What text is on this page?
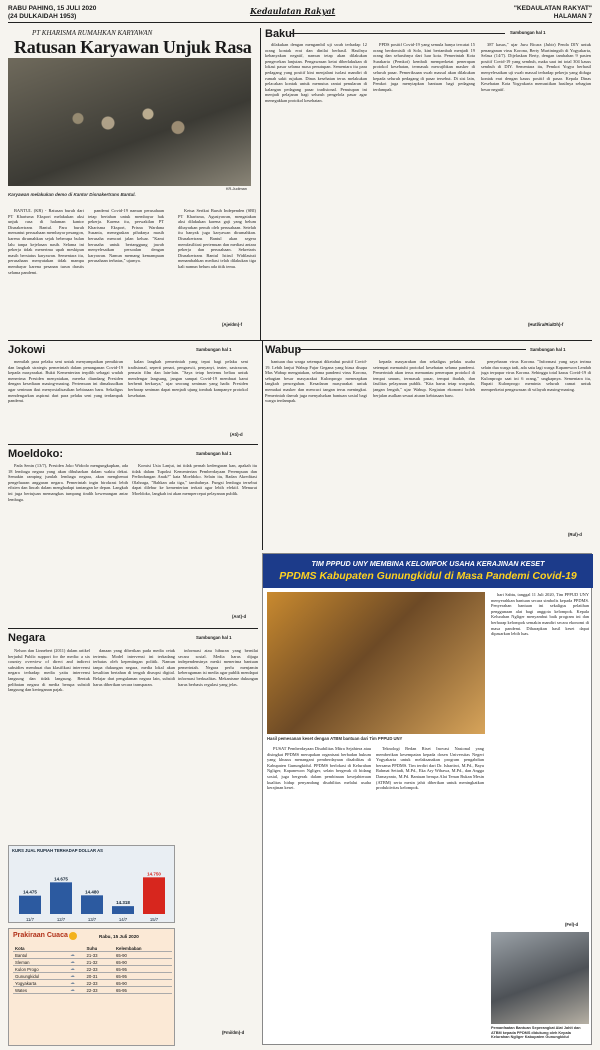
RABU PAHING, 15 JULI 2020
(24 DULKAIDAH 1953)
Kedaulatan Rakyat	"KEDAULATAN RAKYAT"
HALAMAN 7
PT KHARISMA RUMAHKAN KARYAWAN
Ratusan Karyawan Unjuk Rasa
KR-Judiman
Karyawan melakukan demo di Kantor Disnakertrans Bantul.

BANTUL (KR) - Ratusan buruh dari PT Kharisma Eksport melakukan aksi unjuk rasa di halaman kantor Disnakertrans Bantul. Para buruh menuntut perusahaan membayar pesangon, karena dirumahkan sejak beberapa bulan lalu tanpa kejelasan nasib. Selama ini pekerja tidak menerima upah meskipun masih berstatus karyawan. Sementara itu, perusahaan menyatakan tidak mampu membayar karena pesanan turun drastis selama pandemi.

pandemi Covid-19 namun perusahaan tetap bertahan untuk membayar hak pekerja. Karena itu, perwakilan PT Kharisma Eksport, Prisna Wardana Susanta, menegaskan pihaknya masih berusaha mencari jalan keluar. "Kami berusaha untuk bertanggung jawab menyelesaikan persoalan dengan karyawan. Namun memang kemampuan perusahaan terbatas," ujarnya.

Ketua Serikat Buruh Independen (SBI) PT Kharisma, Agustyawan, mengatakan aksi dilakukan karena gaji yang belum dibayarkan penuh oleh perusahaan. Setelah itu banyak juga karyawan dirumahkan. Disnakertrans Bantul akan segera memfasilitasi pertemuan dan mediasi antara pekerja dan perusahaan. Sekretaris Disnakertrans Bantul Istirul Widilastuti menambahkan mediasi telah dilakukan tiga kali namun belum ada titik temu.

(Aje/dm)-f
Bakul	Sambungan hal 1

dilakukan dengan mengambil uji swab terhadap 12 orang kontak erat dan dinilai berhasil. Hasilnya kebanyakan negatif, namun tetap akan dilakukan pengecekan lanjutan. Pengawasan ketat diberlakukan di lokasi pasar selama masa penutupan. Sementara itu para pedagang yang positif kini menjalani isolasi mandiri di rumah sakit rujukan. Dinas kesehatan terus melakukan pelacakan kontak untuk memutus rantai penularan di kalangan pedagang pasar tradisional. Penutupan ini menjadi pelajaran bagi seluruh pengelola pasar agar menegakkan protokol kesehatan.

PPDS positif Covid-19 yang semula hanya tercatat 15 orang berdomisili di Solo, kini bertambah menjadi 19 orang dan seluruhnya dari luar kota. Pemerintah Kota Surakarta (Pemkot) kembali memperketat penerapan protokol kesehatan, termasuk mewajibkan masker di seluruh pasar. Pemeriksaan swab massal akan dilakukan kepada seluruh pedagang di pasar tersebut. Di sisi lain, Pemkot juga menyiapkan bantuan bagi pedagang terdampak.

387 kasus," ujar Juru Bicara (Jubir) Penda DIY untuk penanganan virus Korona, Berty Murtiningsih di Yogyakarta, Selasa (14/7). Dijelaskan Berty, dengan tambahan 9 pasien positif Covid-19 yang sembuh, maka saat ini total 304 kasus sembuh di DIY. Sementara itu, Pemkot Yogya berhasil menyelesaikan uji swab massal terhadap pekerja yang diduga kontak erat dengan kasus positif di pasar. Kepala Dinas Kesehatan Kota Yogyakarta memastikan hasilnya sebagian besar negatif.

(Hutl/ira/Ria/Dh)-f
Jokowi	Sambungan hal 1

memilah para pelaku seni untuk menyampaikan pemikiran dan langkah strategis pemerintah dalam penanganan Covid-19 kepada masyarakat. Bukti Kementerian terpilih sebagai wadah menerima Presiden menyatakan, mereka diundang Presiden dengan kesediaan masing-masing. Pertemuan ini dimaksudkan agar seniman ikut menyosialisasikan kebiasaan baru. Sekaligus mendengarkan aspirasi dari para pelaku seni yang terdampak pandemi.

kalan langkah pemerintah yang tepat bagi pelaku seni tradisional, seperti penari, pengrawit, penyanyi, teater, sastrawan, pemain film dan lain-lain. "Saya tetap bertemu beliau untuk mendengar langsung, jangan sampai Covid-19 membuat kami berhenti berkarya," ujar seorang seniman yang hadir. Presiden berharap seniman dapat menjadi ujung tombak kampanye protokol kesehatan.

(Ati)-d
Moeldoko:	Sambungan hal 1

Pada Senin (13/7), Presiden Joko Widodo mengungkapkan, ada 18 lembaga negara yang akan dibubarkan dalam waktu dekat. Semakin ramping jumlah lembaga negara, akan menghemat pengeluaran anggaran negara. Pemerintah ingin birokrasi lebih efisien dan lincah dalam menghadapi tantangan ke depan. Langkah ini juga bertujuan memangkas tumpang tindih kewenangan antar lembaga.

Komisi Usia Lanjut, ini tidak pernah kedengaran kan, apakah itu tidak dalam Tupoksi Kementerian Pemberdayaan Perempuan dan Perlindungan Anak?" kata Moeldoko. Selain itu, Badan Akreditasi Olahraga, "Bahkan ada tiga," tambahnya. Fungsi lembaga tersebut dapat dilebur ke kementerian terkait agar lebih efektif. Menurut Moeldoko, langkah ini akan mempercepat pelayanan publik.

(Ant)-d
Wabup	Sambungan hal 1

bantuan dua warga setempat diketahui positif Covid-19. Lebih lanjut Wabup Fajar Gegana yang biasa disapa Mas Wabup mengatakan, selama pandemi virus Korona, sebagian besar masyarakat Kulonprogo menerapkan langkah pencegahan. Kesadaran masyarakat untuk memakai masker dan mencuci tangan terus meningkat. Pemerintah daerah juga menyalurkan bantuan sosial bagi warga terdampak.

kepada masyarakan dan sekaligus pelaku usaha setempat mematuhi protokol kesehatan selama pandemi. Pemerintah akan terus memantau penerapan protokol di tempat umum, termasuk pasar, tempat ibadah, dan fasilitas pelayanan publik. "Kita harus tetap waspada, jangan lengah," ujar Wabup. Kegiatan ekonomi boleh berjalan asalkan sesuai aturan kebiasaan baru.

penyebaran virus Korona. "Informasi yang saya terima selain dua warga tadi, ada satu lagi warga Kapanewon Lendah juga terpapar virus Korona. Sehingga total kasus Covid-19 di Kulonprogo saat ini 6 orang," ungkapnya. Sementara itu, Bupati Kulonprogo meminta seluruh camat untuk memperketat pengawasan di wilayah masing-masing.

(Rul)-d
Negara	Sambungan hal 1

Nelson dan Linnebert (2011) dalam artikel berjudul Public support for the media: a six country overview of direct and indirect subsidies membuat dua klasifikasi intervensi negara terhadap media yaitu intervensi langsung dan tidak langsung. Bentuk pelibatan negara di media berupa subsidi langsung dan keringanan pajak.

danaan yang diberikan pada media cetak tertentu. Model intervensi ini terkadang terbatas oleh kepentingan politik. Namun tanpa dukungan negara, media lokal akan kesulitan bertahan di tengah disrupsi digital. Belajar dari pengalaman negara lain, subsidi harus diberikan secara transparan.

informasi atau hiburan yang bernilai secara sosial. Media harus dijaga independensinya meski menerima bantuan pemerintah. Negara perlu menjamin keberagaman isi media agar publik mendapat informasi berkualitas. Mekanisme dukungan harus berbasis regulasi yang jelas.

(Fmi/dm)-d
KURS JUAL RUPIAH TERHADAP DOLLAR AS
14.475
11/7
14.675
12/7
14.480
13/7
14.318
14/7
14.750
15/7
Prakiraan Cuaca	Rabu, 15 Juli 2020
Kota		Suhu	Kelembaban
Bantul	☁	21-33	65-90
Sleman	☁	21-32	65-90
Kulon Progo	☁	22-33	65-95
Gunungkidul	☁	20-31	65-95
Yogyakarta	☁	22-33	65-90
Wates	☁	22-33	65-95
TIM PPPUD UNY MEMBINA KELOMPOK USAHA KERAJINAN KESET
PPDMS Kabupaten Gunungkidul di Masa Pandemi Covid-19
Hasil pemesanan keset dengan ATBM bantuan dari Tim PPPUD UNY

PUSAT Pemberdayaan Disabilitas Mitra Sejahtera atau disingkat PPDMS merupakan organisasi berbadan hukum yang khusus menangani pemberdayaan disabilitas di Kabupaten Gunungkidul. PPDMS berlokasi di Kelurahan Ngliger, Kapanewon Ngliger, selain bergerak di bidang sosial, juga bergerak dalam pembinaan kesejahteraan kualitas hidup penyandang disabilitas melalui usaha kerajinan keset.

Teknologi Bedan Riset Inovasi Nasional yang memberikan kesempatan kepada dosen Universitas Negeri Yogyakarta untuk melaksanakan program pengabdian bersama PPDMS. Tim terdiri dari Dr. Ishartiwi, M.Pd., Bayu Rahmat Setiadi, M.Pd., Eka Ary Wibawa, M.Pd., dan Angga Damayanto, M.Pd. Bantuan berupa Alat Tenun Bukan Mesin (ATBM) serta mesin jahit diberikan untuk meningkatkan produktivitas kelompok.

hari Sabtu, tanggal 11 Juli 2020, Tim PPPUD UNY menyerahkan bantuan secara simbolis kepada PPDMS. Penyerahan bantuan ini sekaligus pelatihan penggunaan alat bagi anggota kelompok. Kepala Kelurahan Ngliger menyambut baik program ini dan berharap kelompok semakin mandiri secara ekonomi di masa pandemi. Diharapkan hasil keset dapat dipasarkan lebih luas.

(Fel)-d
Pemanfaatan Bantuan Seperangkat Alat Jahit dan ATBM kepada PPDMS didukung oleh Kepala Kelurahan Ngliger Kabupaten Gunungkidul
